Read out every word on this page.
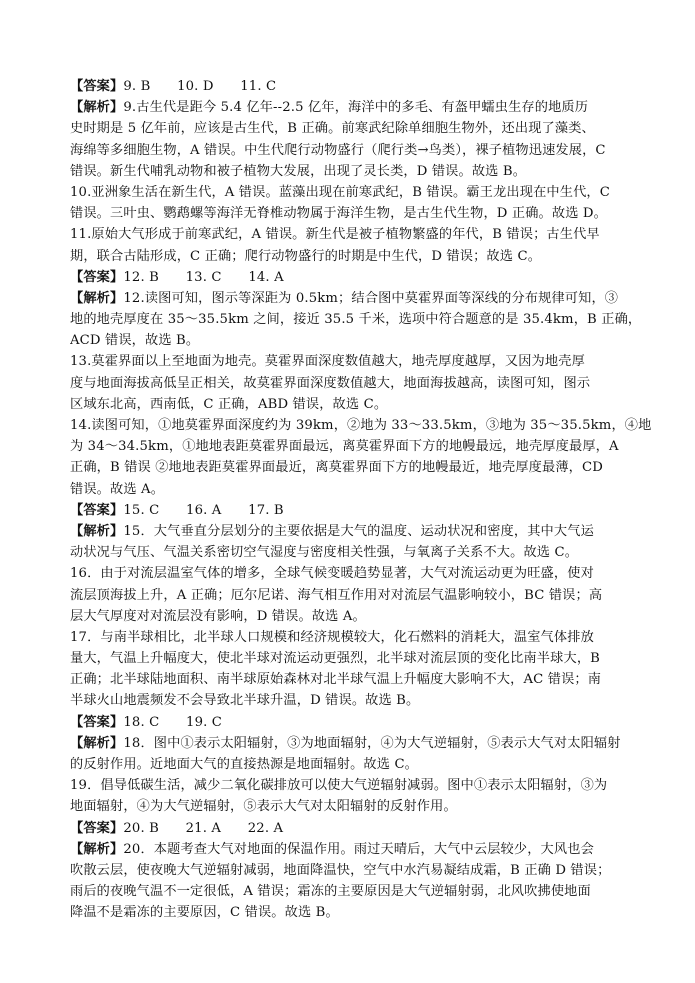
【答案】9. B　　10. D　　11. C
【解析】9.古生代是距今 5.4 亿年--2.5 亿年，海洋中的多毛、有盔甲蠕虫生存的地质历
史时期是 5 亿年前，应该是古生代，B 正确。前寒武纪除单细胞生物外，还出现了藻类、
海绵等多细胞生物，A 错误。中生代爬行动物盛行（爬行类→鸟类），裸子植物迅速发展，C
错误。新生代哺乳动物和被子植物大发展，出现了灵长类，D 错误。故选 B。
10.亚洲象生活在新生代，A 错误。蓝藻出现在前寒武纪，B 错误。霸王龙出现在中生代，C
错误。三叶虫、鹦鹉螺等海洋无脊椎动物属于海洋生物，是古生代生物，D 正确。故选 D。
11.原始大气形成于前寒武纪，A 错误。新生代是被子植物繁盛的年代，B 错误；古生代早
期，联合古陆形成，C 正确；爬行动物盛行的时期是中生代，D 错误；故选 C。
【答案】12. B　　13. C　　14. A
【解析】12.读图可知，图示等深距为 0.5km；结合图中莫霍界面等深线的分布规律可知，③
地的地壳厚度在 35～35.5km 之间，接近 35.5 千米，选项中符合题意的是 35.4km，B 正确，
ACD 错误，故选 B。
13.莫霍界面以上至地面为地壳。莫霍界面深度数值越大，地壳厚度越厚，又因为地壳厚
度与地面海拔高低呈正相关，故莫霍界面深度数值越大，地面海拔越高，读图可知，图示
区域东北高，西南低，C 正确，ABD 错误，故选 C。
14.读图可知，①地莫霍界面深度约为 39km，②地为 33～33.5km，③地为 35～35.5km，④地
为 34～34.5km，①地地表距莫霍界面最远，离莫霍界面下方的地幔最远，地壳厚度最厚，A
正确，B 错误 ②地地表距莫霍界面最近，离莫霍界面下方的地幔最近，地壳厚度最薄，CD
错误。故选 A。
【答案】15. C　　16. A　　17. B
【解析】15．大气垂直分层划分的主要依据是大气的温度、运动状况和密度，其中大气运
动状况与气压、气温关系密切空气湿度与密度相关性强，与氧离子关系不大。故选 C。
16．由于对流层温室气体的增多，全球气候变暖趋势显著，大气对流运动更为旺盛，使对
流层顶海拔上升，A 正确；厄尔尼诺、海气相互作用对对流层气温影响较小，BC 错误；高
层大气厚度对对流层没有影响，D 错误。故选 A。
17．与南半球相比，北半球人口规模和经济规模较大，化石燃料的消耗大，温室气体排放
量大，气温上升幅度大，使北半球对流运动更强烈，北半球对流层顶的变化比南半球大，B
正确；北半球陆地面积、南半球原始森林对北半球气温上升幅度大影响不大，AC 错误；南
半球火山地震频发不会导致北半球升温，D 错误。故选 B。
【答案】18. C　　19. C
【解析】18．图中①表示太阳辐射，③为地面辐射，④为大气逆辐射，⑤表示大气对太阳辐射
的反射作用。近地面大气的直接热源是地面辐射。故选 C。
19．倡导低碳生活，减少二氧化碳排放可以使大气逆辐射减弱。图中①表示太阳辐射，③为
地面辐射，④为大气逆辐射，⑤表示大气对太阳辐射的反射作用。
【答案】20. B　　21. A　　22. A
【解析】20．本题考查大气对地面的保温作用。雨过天晴后，大气中云层较少，大风也会
吹散云层，使夜晚大气逆辐射减弱，地面降温快，空气中水汽易凝结成霜，B 正确 D 错误；
雨后的夜晚气温不一定很低，A 错误；霜冻的主要原因是大气逆辐射弱，北风吹拂使地面
降温不是霜冻的主要原因，C 错误。故选 B。
